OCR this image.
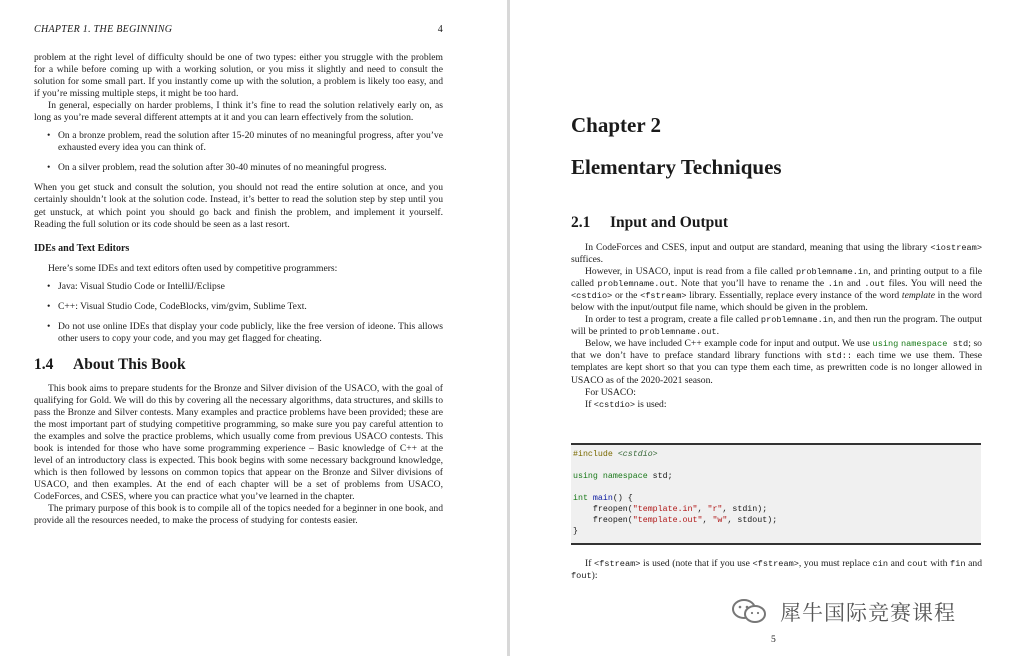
CHAPTER 1. THE BEGINNING	4

problem at the right level of difficulty should be one of two types: either you struggle with the problem for a while before coming up with a working solution, or you miss it slightly and need to consult the solution for some small part. If you instantly come up with the solution, a problem is likely too easy, and if you’re missing multiple steps, it might be too hard.

In general, especially on harder problems, I think it’s fine to read the solution relatively early on, as long as you’re made several different attempts at it and you can learn effectively from the solution.

• On a bronze problem, read the solution after 15-20 minutes of no meaningful progress, after you’ve exhausted every idea you can think of.
• On a silver problem, read the solution after 30-40 minutes of no meaningful progress.

When you get stuck and consult the solution, you should not read the entire solution at once, and you certainly shouldn’t look at the solution code. Instead, it’s better to read the solution step by step until you get unstuck, at which point you should go back and finish the problem, and implement it yourself. Reading the full solution or its code should be seen as a last resort.

IDEs and Text Editors

Here’s some IDEs and text editors often used by competitive programmers:

• Java: Visual Studio Code or IntelliJ/Eclipse
• C++: Visual Studio Code, CodeBlocks, vim/gvim, Sublime Text.
• Do not use online IDEs that display your code publicly, like the free version of ideone. This allows other users to copy your code, and you may get flagged for cheating.
1.4 About This Book

This book aims to prepare students for the Bronze and Silver division of the USACO, with the goal of qualifying for Gold. We will do this by covering all the necessary algorithms, data structures, and skills to pass the Bronze and Silver contests. Many examples and practice problems have been provided; these are the most important part of studying competitive programming, so make sure you pay careful attention to the examples and solve the practice problems, which usually come from previous USACO contests. This book is intended for those who have some programming experience – Basic knowledge of C++ at the level of an introductory class is expected. This book begins with some necessary background knowledge, which is then followed by lessons on common topics that appear on the Bronze and Silver divisions of USACO, and then examples. At the end of each chapter will be a set of problems from USACO, CodeForces, and CSES, where you can practice what you’ve learned in the chapter.

The primary purpose of this book is to compile all of the topics needed for a beginner in one book, and provide all the resources needed, to make the process of studying for contests easier.

Chapter 2
Elementary Techniques
2.1 Input and Output

In CodeForces and CSES, input and output are standard, meaning that using the library <iostream> suffices.

However, in USACO, input is read from a file called problemname.in, and printing output to a file called problemname.out. Note that you’ll have to rename the .in and .out files. You will need the <cstdio> or the <fstream> library. Essentially, replace every instance of the word template in the word below with the input/output file name, which should be given in the problem.

In order to test a program, create a file called problemname.in, and then run the program. The output will be printed to problemname.out.

Below, we have included C++ example code for input and output. We use using namespace std; so that we don’t have to preface standard library functions with std:: each time we use them. These templates are kept short so that you can type them each time, as prewritten code is no longer allowed in USACO as of the 2020-2021 season.

For USACO:

If <cstdio> is used:

#include <cstdio>

using namespace std;

int main() {
freopen("template.in", "r", stdin);
freopen("template.out", "w", stdout);
}

If <fstream> is used (note that if you use <fstream>, you must replace cin and cout with fin and fout):

犀牛国际竞赛课程
5
